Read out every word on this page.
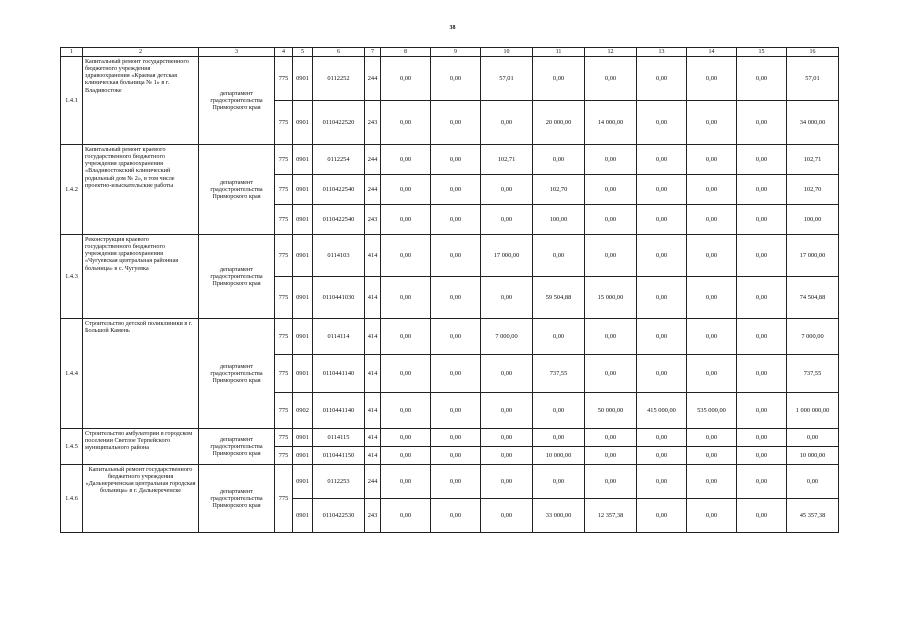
38
1	2	3	4	5	6	7	8	9	10	11	12	13	14	15	16
1.4.1	Капитальный ремонт государственного бюджетного учреждения здравоохранения «Краевая детская клиническая больница № 1» в г. Владивостоке	департамент градостроительства Приморского края	775	0901	0112252	244	0,00	0,00	57,01	0,00	0,00	0,00	0,00	0,00	57,01
			775	0901	0110422520	243	0,00	0,00	0,00	20 000,00	14 000,00	0,00	0,00	0,00	34 000,00
1.4.2	Капитальный ремонт краевого государственного бюджетного учреждения здравоохранения «Владивостокский клинический родильный дом № 2», в том числе проектно-изыскательские работы	департамент градостроительства Приморского края	775	0901	0112254	244	0,00	0,00	102,71	0,00	0,00	0,00	0,00	0,00	102,71
			775	0901	0110422540	244	0,00	0,00	0,00	102,70	0,00	0,00	0,00	0,00	102,70
			775	0901	0110422540	243	0,00	0,00	0,00	100,00	0,00	0,00	0,00	0,00	100,00
1.4.3	Реконструкция краевого государственного бюджетного учреждения здравоохранения «Чугуевская центральная районная больница» в с. Чугуевка	департамент градостроительства Приморского края	775	0901	0114103	414	0,00	0,00	17 000,00	0,00	0,00	0,00	0,00	0,00	17 000,00
			775	0901	0110441030	414	0,00	0,00	0,00	59 504,88	15 000,00	0,00	0,00	0,00	74 504,88
1.4.4	Строительство детской поликлиники в г. Большой Камень	департамент градостроительства Приморского края	775	0901	0114114	414	0,00	0,00	7 000,00	0,00	0,00	0,00	0,00	0,00	7 000,00
			775	0901	0110441140	414	0,00	0,00	0,00	737,55	0,00	0,00	0,00	0,00	737,55
			775	0902	0110441140	414	0,00	0,00	0,00	0,00	50 000,00	415 000,00	535 000,00	0,00	1 000 000,00
1.4.5	Строительство амбулатории в городском поселении Светлое Терпейского муниципального района	департамент градостроительства Приморского края	775	0901	0114115	414	0,00	0,00	0,00	0,00	0,00	0,00	0,00	0,00	0,00
			775	0901	0110441150	414	0,00	0,00	0,00	10 000,00	0,00	0,00	0,00	0,00	10 000,00
1.4.6	Капитальный ремонт государственного бюджетного учреждения «Дальнереченская центральная городская больница» в г. Дальнереченске	департамент градостроительства Приморского края	775	0901	0112253	244	0,00	0,00	0,00	0,00	0,00	0,00	0,00	0,00	0,00
				0901	0110422530	243	0,00	0,00	0,00	33 000,00	12 357,38	0,00	0,00	0,00	45 357,38
